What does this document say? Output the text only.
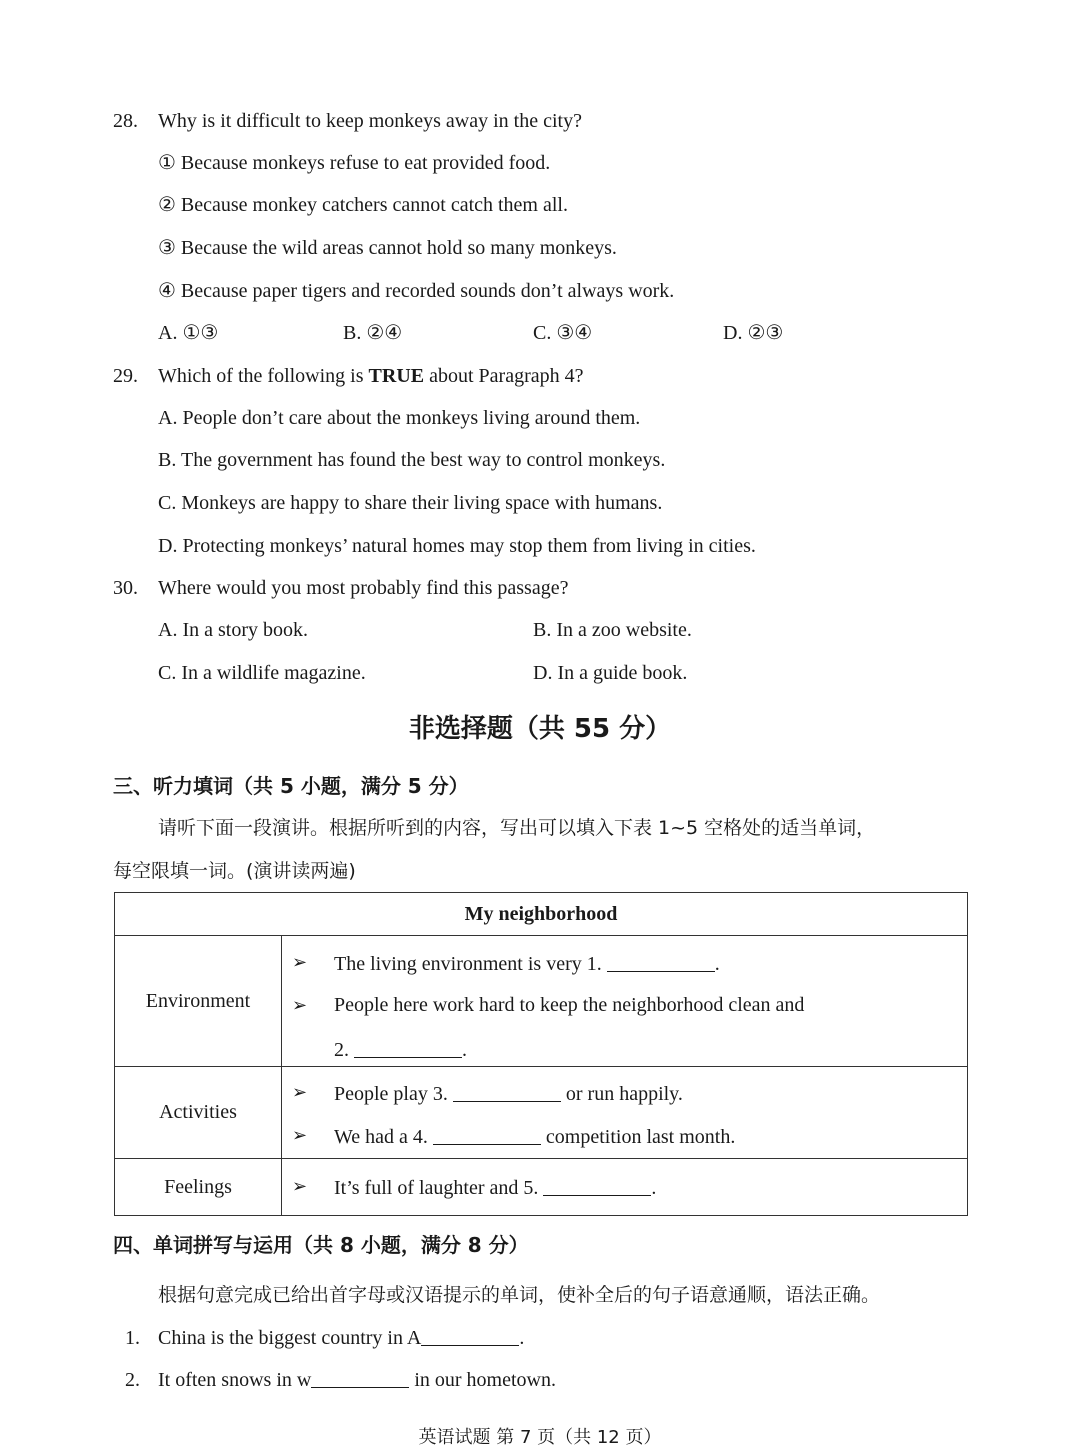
28. Why is it difficult to keep monkeys away in the city?
① Because monkeys refuse to eat provided food.
② Because monkey catchers cannot catch them all.
③ Because the wild areas cannot hold so many monkeys.
④ Because paper tigers and recorded sounds don’t always work.
A. ①③	B. ②④	C. ③④	D. ②③
29. Which of the following is TRUE about Paragraph 4?
A. People don’t care about the monkeys living around them.
B. The government has found the best way to control monkeys.
C. Monkeys are happy to share their living space with humans.
D. Protecting monkeys’ natural homes may stop them from living in cities.
30. Where would you most probably find this passage?
A. In a story book.	B. In a zoo website.
C. In a wildlife magazine.	D. In a guide book.
非选择题（共 55 分）
三、听力填词（共 5 小题，满分 5 分）
请听下面一段演讲。根据所听到的内容，写出可以填入下表 1~5 空格处的适当单词，
每空限填一词。(演讲读两遍)
My neighborhood	
Environment	➢ The living environment is very 1. .
➢ People here work hard to keep the neighborhood clean and
2. .

Activities	➢ People play 3. or run happily.
➢ We had a 4. competition last month.

Feelings	➢ It’s full of laughter and 5. .
四、单词拼写与运用（共 8 小题，满分 8 分）
根据句意完成已给出首字母或汉语提示的单词，使补全后的句子语意通顺，语法正确。
1. China is the biggest country in A	.
2. It often snows in w	in our hometown.
英语试题 第 7 页（共 12 页）
